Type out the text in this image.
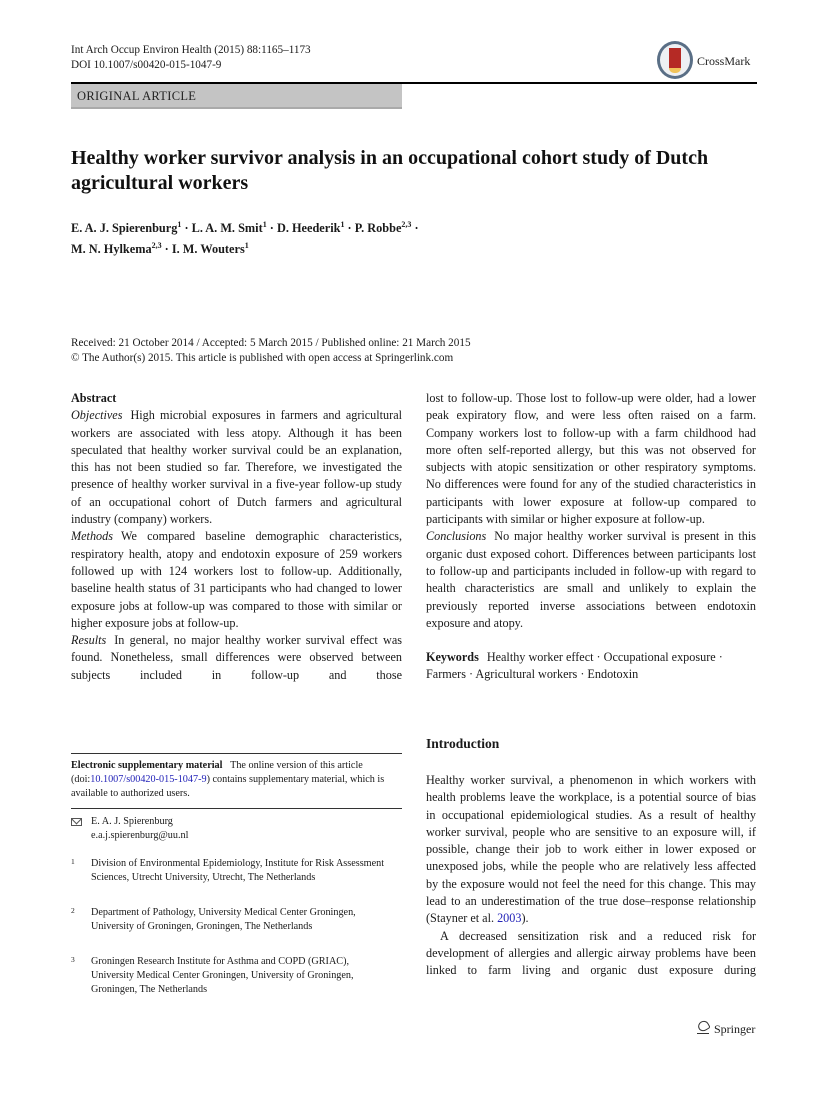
Int Arch Occup Environ Health (2015) 88:1165–1173
DOI 10.1007/s00420-015-1047-9	CrossMark
ORIGINAL ARTICLE
Healthy worker survivor analysis in an occupational cohort study of Dutch agricultural workers
E. A. J. Spierenburg$^1$ · L. A. M. Smit$^1$ · D. Heederik$^1$ · P. Robbe$^{2,3}$ ·
M. N. Hylkema$^{2,3}$ · I. M. Wouters$^1$
Received: 21 October 2014 / Accepted: 5 March 2015 / Published online: 21 March 2015
© The Author(s) 2015. This article is published with open access at Springerlink.com

Abstract

Objectives High microbial exposures in farmers and agricultural workers are associated with less atopy. Although it has been speculated that healthy worker survival could be an explanation, this has not been studied so far. Therefore, we investigated the presence of healthy worker survival in a five-year follow-up study of an occupational cohort of Dutch farmers and agricultural industry (company) workers.

Methods We compared baseline demographic characteristics, respiratory health, atopy and endotoxin exposure of 259 workers followed up with 124 workers lost to follow-up. Additionally, baseline health status of 31 participants who had changed to lower exposure jobs at follow-up was compared to those with similar or higher exposure jobs at follow-up.

Results In general, no major healthy worker survival effect was found. Nonetheless, small differences were observed between subjects included in follow-up and those

lost to follow-up. Those lost to follow-up were older, had a lower peak expiratory flow, and were less often raised on a farm. Company workers lost to follow-up with a farm childhood had more often self-reported allergy, but this was not observed for subjects with atopic sensitization or other respiratory symptoms. No differences were found for any of the studied characteristics in participants with lower exposure at follow-up compared to participants with similar or higher exposure at follow-up.

Conclusions No major healthy worker survival is present in this organic dust exposed cohort. Differences between participants lost to follow-up and participants included in follow-up with regard to health characteristics are small and unlikely to explain the previously reported inverse associations between endotoxin exposure and atopy.

Keywords Healthy worker effect · Occupational exposure · Farmers · Agricultural workers · Endotoxin

Electronic supplementary material The online version of this article (doi:10.1007/s00420-015-1047-9) contains supplementary material, which is available to authorized users.
E. A. J. Spierenburg
e.a.j.spierenburg@uu.nl
1 Division of Environmental Epidemiology, Institute for Risk Assessment Sciences, Utrecht University, Utrecht, The Netherlands
2 Department of Pathology, University Medical Center Groningen, University of Groningen, Groningen, The Netherlands
3 Groningen Research Institute for Asthma and COPD (GRIAC), University Medical Center Groningen, University of Groningen, Groningen, The Netherlands
Introduction

Healthy worker survival, a phenomenon in which workers with health problems leave the workplace, is a potential source of bias in occupational epidemiological studies. As a result of healthy worker survival, people who are sensitive to an exposure will, if possible, change their job to work either in lower exposed or unexposed jobs, while the people who are relatively less affected by the exposure would not feel the need for this change. This may lead to an underestimation of the true dose–response relationship (Stayner et al. 2003).

A decreased sensitization risk and a reduced risk for development of allergies and allergic airway problems have been linked to farm living and organic dust exposure during

Springer
